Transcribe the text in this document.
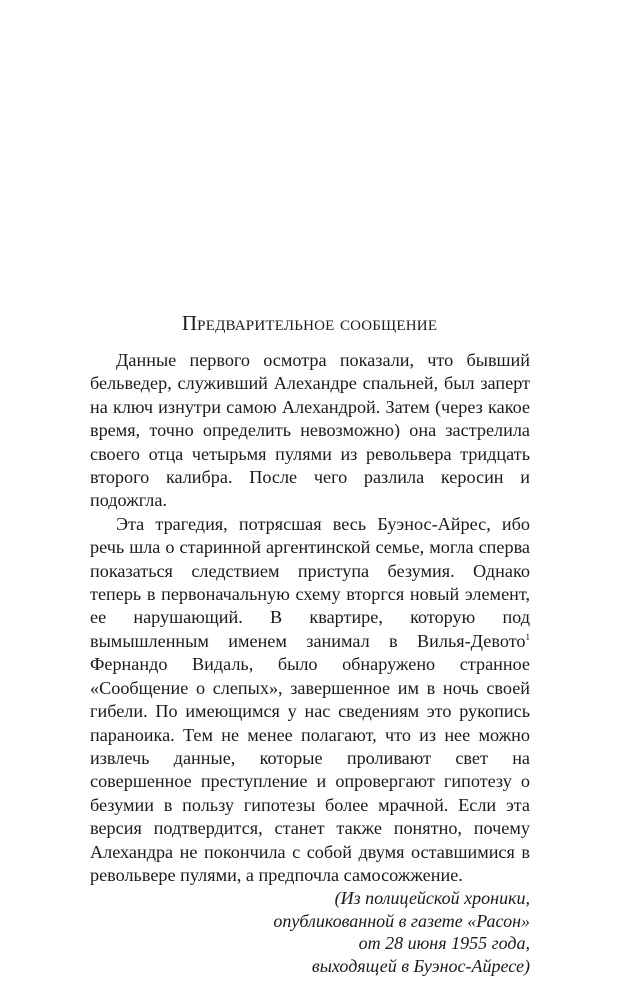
Предварительное сообщение

Данные первого осмотра показали, что бывший бельведер, служивший Алехандре спальней, был заперт на ключ изнутри самою Алехандрой. Затем (через какое время, точно определить невозможно) она застрелила своего отца четырьмя пулями из револьвера тридцать второго калибра. После чего разлила керосин и подожгла.

Эта трагедия, потрясшая весь Буэнос-Айрес, ибо речь шла о старинной аргентинской семье, могла сперва показаться следствием приступа безумия. Однако теперь в первоначальную схему вторгся новый элемент, ее нарушающий. В квартире, которую под вымышленным именем занимал в Вилья-Девото$^1$ Фернандо Видаль, было обнаружено странное «Сообщение о слепых», завершенное им в ночь своей гибели. По имеющимся у нас сведениям это рукопись параноика. Тем не менее полагают, что из нее можно извлечь данные, которые проливают свет на совершенное преступление и опровергают гипотезу о безумии в пользу гипотезы более мрачной. Если эта версия подтвердится, станет также понятно, почему Алехандра не покончила с собой двумя оставшимися в револьвере пулями, а предпочла самосожжение.

(Из полицейской хроники,
опубликованной в газете «Расон»
от 28 июня 1955 года,
выходящей в Буэнос-Айресе)
